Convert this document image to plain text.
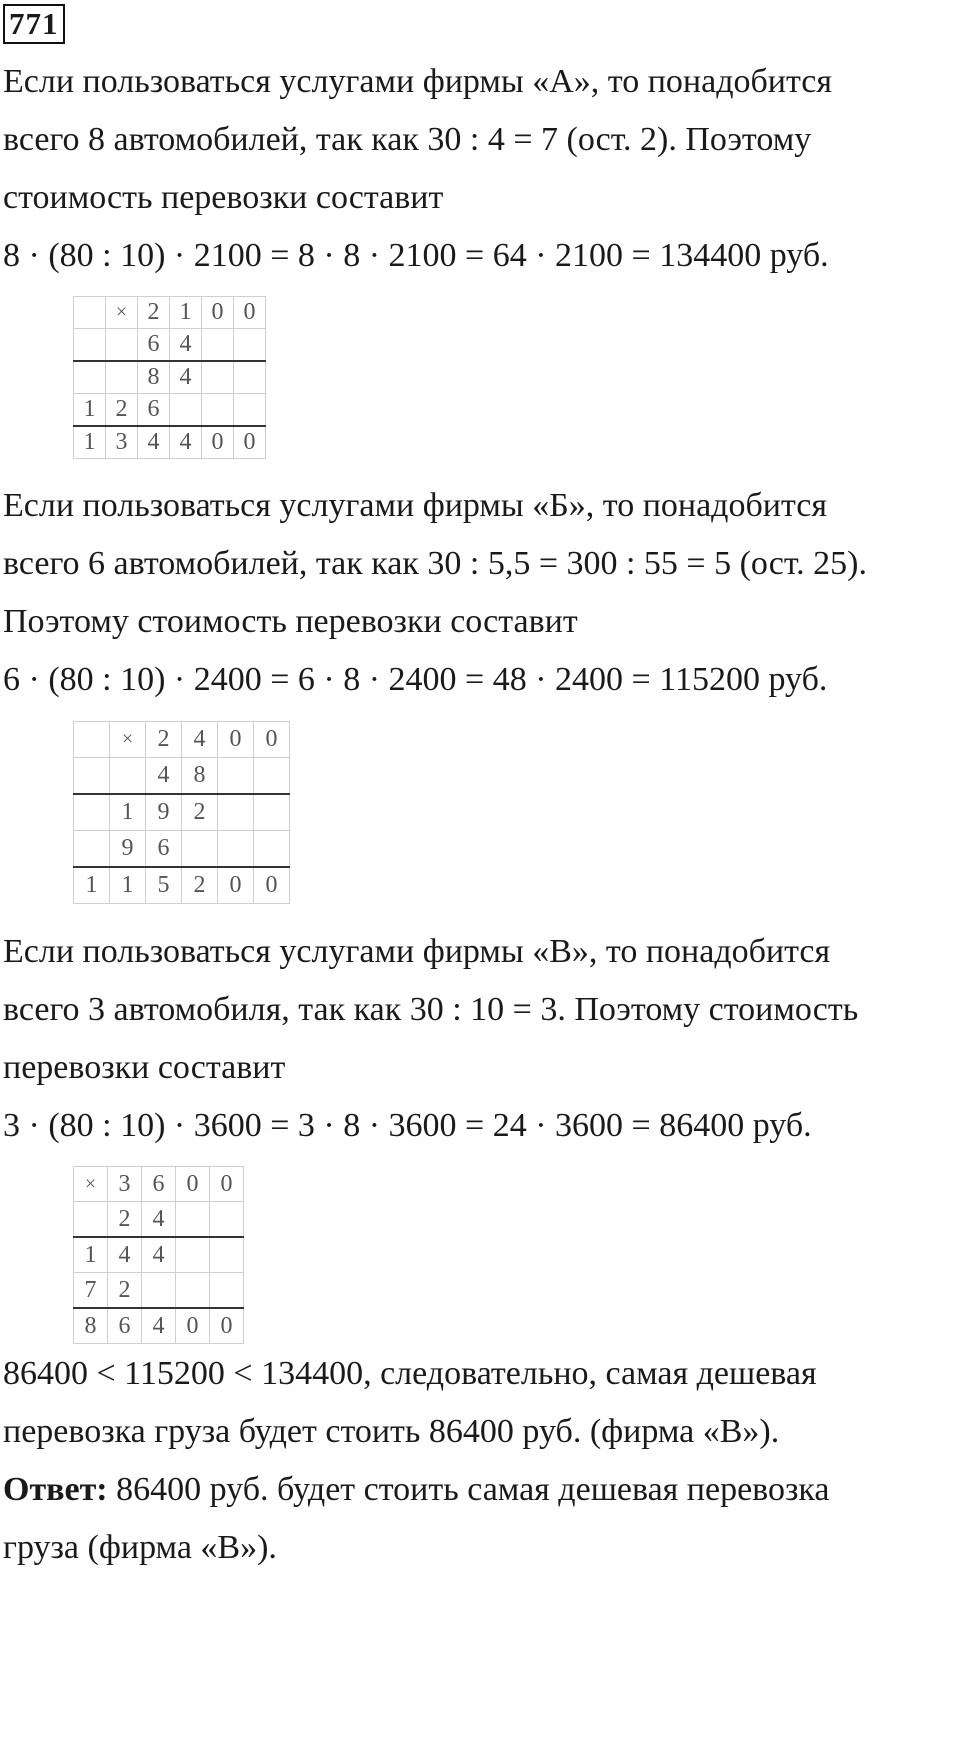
771
Если пользоваться услугами фирмы «А», то понадобится
всего 8 автомобилей, так как 30 : 4 = 7 (ост. 2). Поэтому
стоимость перевозки составит
8 · (80 : 10) · 2100 = 8 · 8 · 2100 = 64 · 2100 = 134400 руб.
	×	2	1	0	0
		6	4		
		8	4		
1	2	6			
1	3	4	4	0	0
Если пользоваться услугами фирмы «Б», то понадобится
всего 6 автомобилей, так как 30 : 5,5 = 300 : 55 = 5 (ост. 25).
Поэтому стоимость перевозки составит
6 · (80 : 10) · 2400 = 6 · 8 · 2400 = 48 · 2400 = 115200 руб.
	×	2	4	0	0
		4	8		
	1	9	2		
	9	6			
1	1	5	2	0	0
Если пользоваться услугами фирмы «В», то понадобится
всего 3 автомобиля, так как 30 : 10 = 3. Поэтому стоимость
перевозки составит
3 · (80 : 10) · 3600 = 3 · 8 · 3600 = 24 · 3600 = 86400 руб.
×	3	6	0	0
	2	4		
1	4	4		
7	2			
8	6	4	0	0
86400 < 115200 < 134400, следовательно, самая дешевая
перевозка груза будет стоить 86400 руб. (фирма «В»).
Ответ: 86400 руб. будет стоить самая дешевая перевозка
груза (фирма «В»).
